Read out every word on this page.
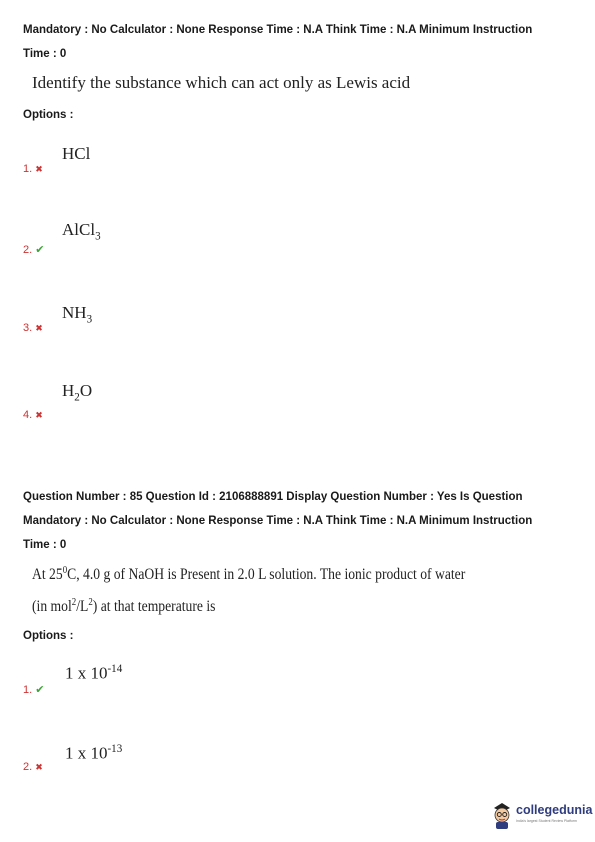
Mandatory : No Calculator : None Response Time : N.A Think Time : N.A Minimum Instruction
Time : 0
Identify the substance which can act only as Lewis acid
Options :
HCl
1. ✖
AlCl$_3$
2. ✔
$NH_3$
3. ✖
$H_2O$
4. ✖
Question Number : 85 Question Id : 2106888891 Display Question Number : Yes Is Question
Mandatory : No Calculator : None Response Time : N.A Think Time : N.A Minimum Instruction
Time : 0
At $25^0C$, 4.0 g of NaOH is Present in 2.0 L solution. The ionic product of water
(in $mol^2/L^2$) at that temperature is
Options :
1 x $10^{-14}$
1. ✔
1 x $10^{-13}$
2. ✖
collegedunia
India's largest Student Review Platform
